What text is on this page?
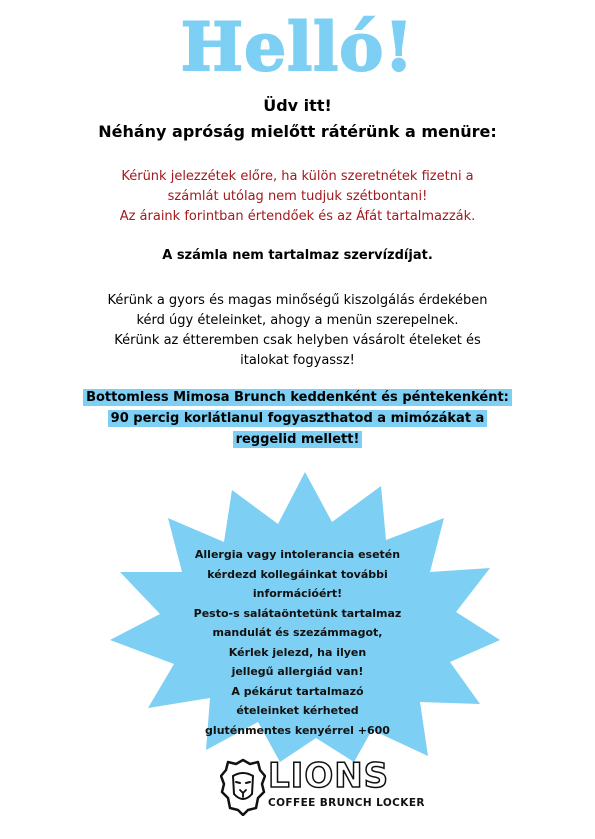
Helló!
Üdv itt!
Néhány apróság mielőtt rátérünk a menüre:
Kérünk jelezzétek előre, ha külön szeretnétek fizetni a
számlát utólag nem tudjuk szétbontani!
Az áraink forintban értendőek és az Áfát tartalmazzák.
A számla nem tartalmaz szervízdíjat.
Kérünk a gyors és magas minőségű kiszolgálás érdekében
kérd úgy ételeinket, ahogy a menün szerepelnek.
Kérünk az étteremben csak helyben vásárolt ételeket és
italokat fogyassz!
Bottomless Mimosa Brunch keddenként és péntekenként:
90 percig korlátlanul fogyaszthatod a mimózákat a
reggelid mellett!
Allergia vagy intolerancia esetén
kérdezd kollegáinkat további
információért!
Pesto-s salátaöntetünk tartalmaz
mandulát és szezámmagot,
Kérlek jelezd, ha ilyen
jellegű allergiád van!
A pékárut tartalmazó
ételeinket kérheted
gluténmentes kenyérrel +600
LIONS
COFFEE BRUNCH LOCKER
